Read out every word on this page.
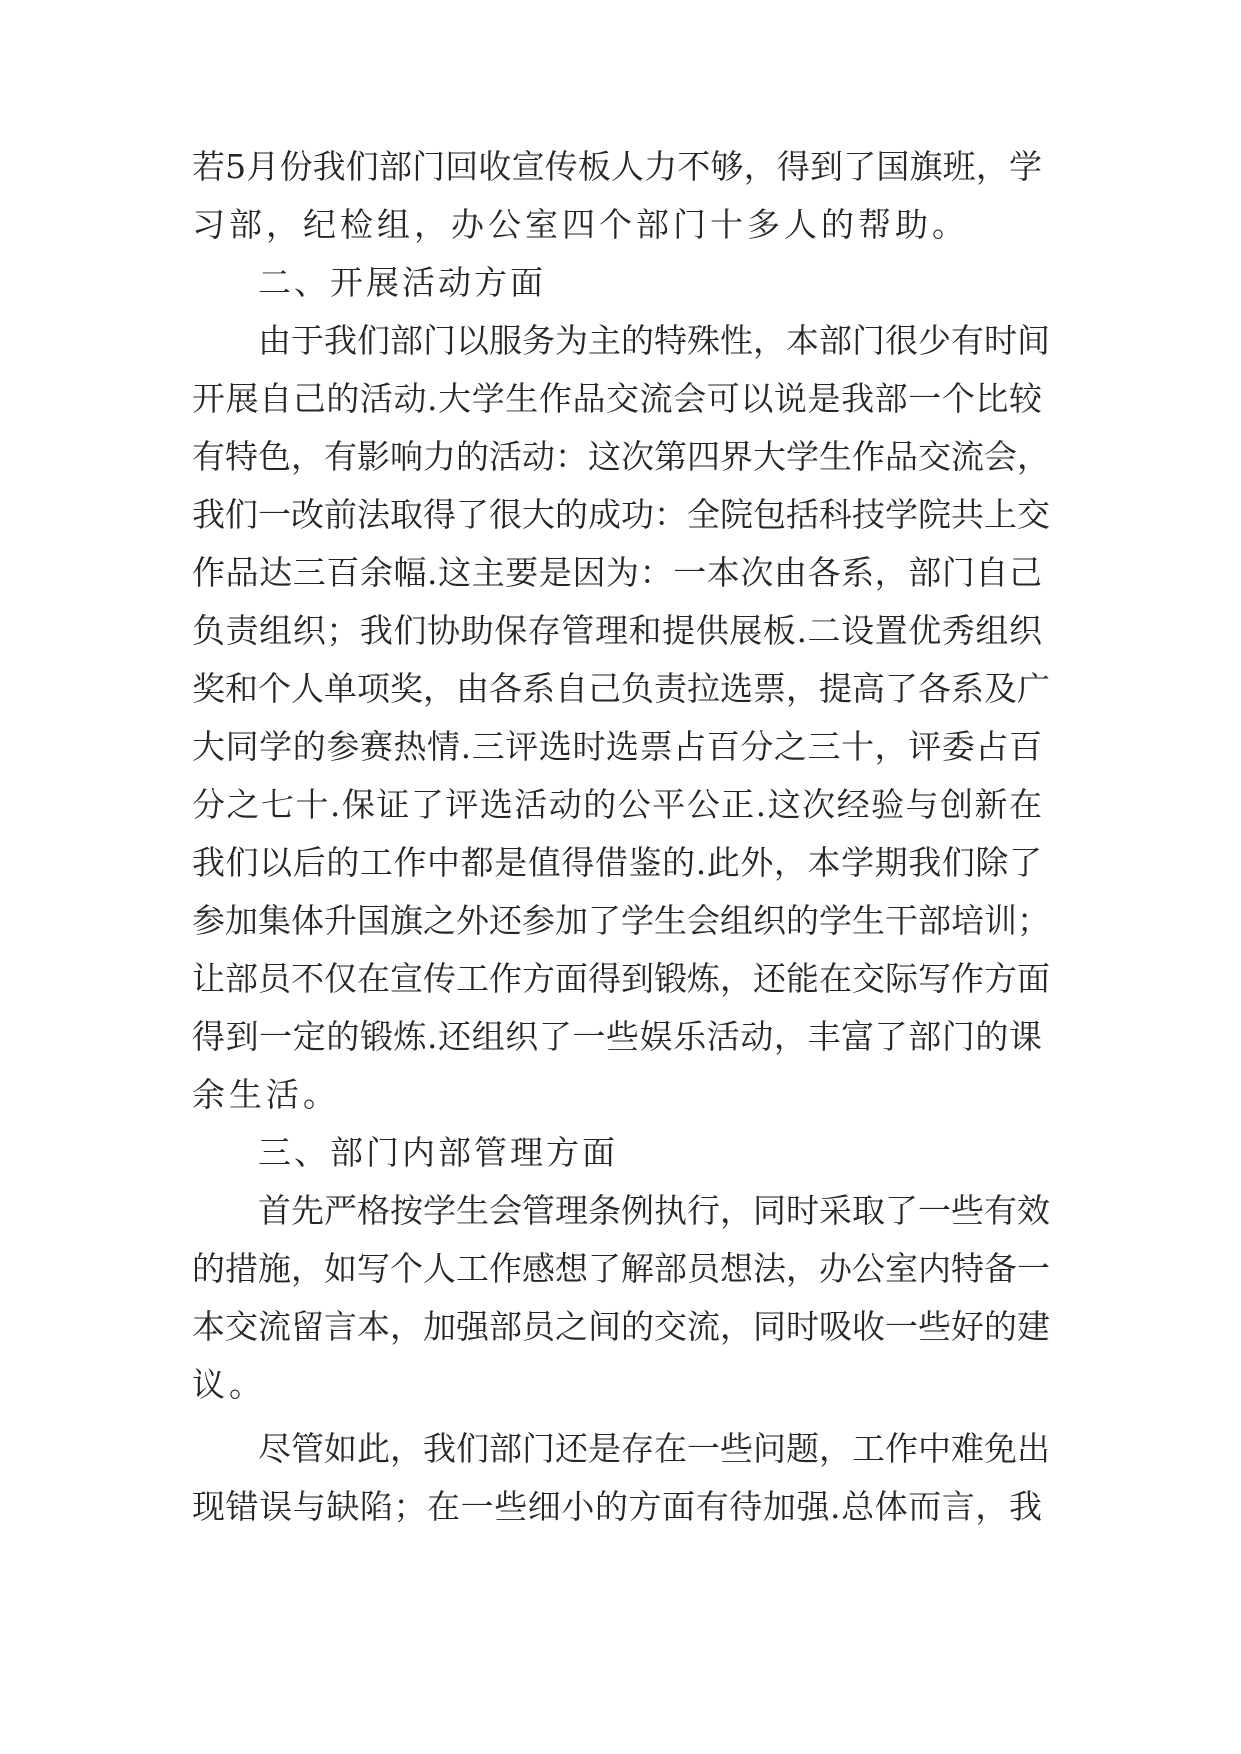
若5月份我们部门回收宣传板人力不够，得到了国旗班，学
习部，纪检组，办公室四个部门十多人的帮助。
二、开展活动方面
由于我们部门以服务为主的特殊性，本部门很少有时间
开展自己的活动.大学生作品交流会可以说是我部一个比较
有特色，有影响力的活动：这次第四界大学生作品交流会，
我们一改前法取得了很大的成功：全院包括科技学院共上交
作品达三百余幅.这主要是因为：一本次由各系，部门自己
负责组织；我们协助保存管理和提供展板.二设置优秀组织
奖和个人单项奖，由各系自己负责拉选票，提高了各系及广
大同学的参赛热情.三评选时选票占百分之三十，评委占百
分之七十.保证了评选活动的公平公正.这次经验与创新在
我们以后的工作中都是值得借鉴的.此外，本学期我们除了
参加集体升国旗之外还参加了学生会组织的学生干部培训；
让部员不仅在宣传工作方面得到锻炼，还能在交际写作方面
得到一定的锻炼.还组织了一些娱乐活动，丰富了部门的课
余生活。
三、部门内部管理方面
首先严格按学生会管理条例执行，同时采取了一些有效
的措施，如写个人工作感想了解部员想法，办公室内特备一
本交流留言本，加强部员之间的交流，同时吸收一些好的建
议。
尽管如此，我们部门还是存在一些问题，工作中难免出
现错误与缺陷；在一些细小的方面有待加强.总体而言，我
